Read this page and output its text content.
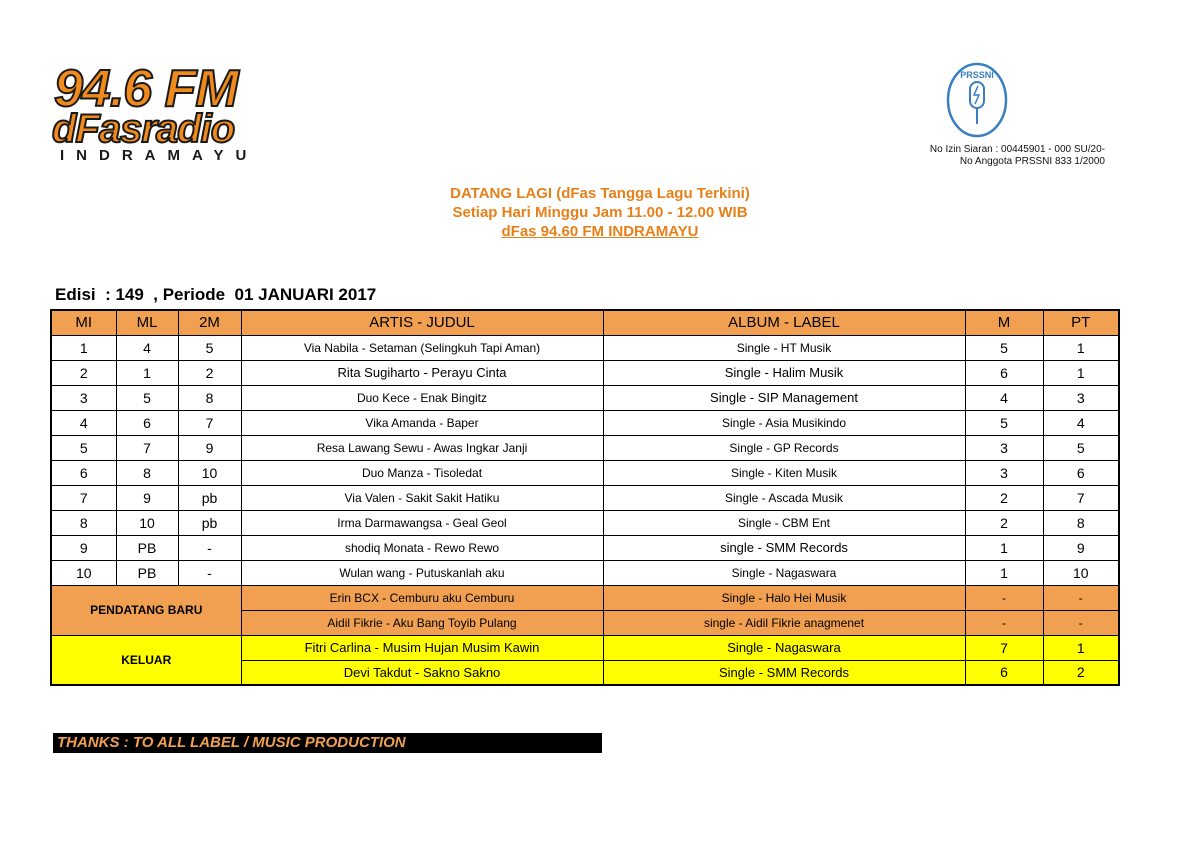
94.6 FM
dFasradio
INDRAMAYU
PRSSNI
No Izin Siaran : 00445901 - 000 SU/20-
No Anggota PRSSNI 833 1/2000
DATANG LAGI (dFas Tangga Lagu Terkini)
Setiap Hari Minggu Jam 11.00 - 12.00 WIB
dFas 94.60 FM INDRAMAYU
Edisi  : 149  , Periode  01 JANUARI 2017
MI	ML	2M	ARTIS - JUDUL	ALBUM - LABEL	M	PT
1	4	5	Via Nabila - Setaman (Selingkuh Tapi Aman)	Single - HT Musik	5	1
2	1	2	Rita Sugiharto - Perayu Cinta	Single - Halim Musik	6	1
3	5	8	Duo Kece - Enak Bingitz	Single - SIP Management	4	3
4	6	7	Vika Amanda - Baper	Single - Asia Musikindo	5	4
5	7	9	Resa Lawang Sewu - Awas Ingkar Janji	Single - GP Records	3	5
6	8	10	Duo Manza - Tisoledat	Single - Kiten Musik	3	6
7	9	pb	Via Valen - Sakit Sakit Hatiku	Single - Ascada Musik	2	7
8	10	pb	Irma Darmawangsa - Geal Geol	Single - CBM Ent	2	8
9	PB	-	shodiq Monata - Rewo Rewo	single - SMM Records	1	9
10	PB	-	Wulan wang - Putuskanlah aku	Single - Nagaswara	1	10
PENDATANG BARU			Erin BCX - Cemburu aku Cemburu	Single - Halo Hei Musik	-	-
			Aidil Fikrie - Aku Bang Toyib Pulang	single - Aidil Fikrie anagmenet	-	-
KELUAR			Fitri Carlina - Musim Hujan Musim Kawin	Single - Nagaswara	7	1
			Devi Takdut - Sakno Sakno	Single - SMM Records	6	2
THANKS : TO ALL LABEL / MUSIC PRODUCTION
